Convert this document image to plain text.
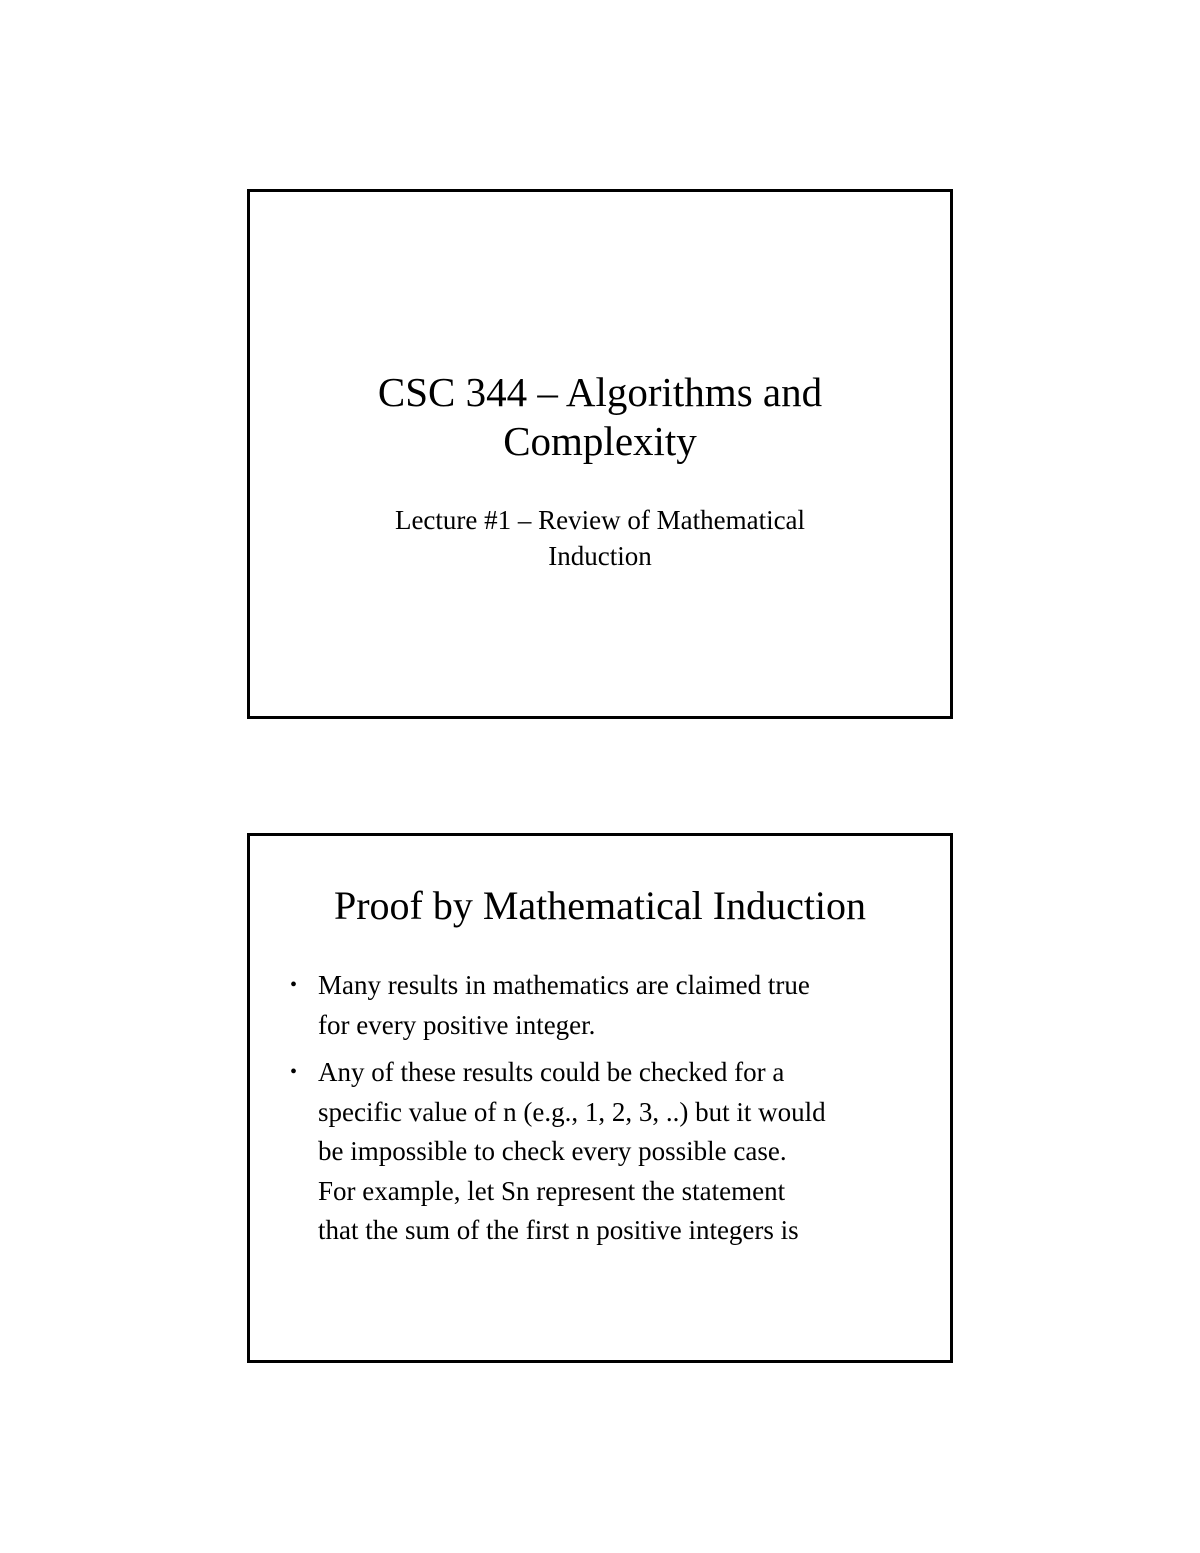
CSC 344 – Algorithms and
Complexity
Lecture #1 – Review of Mathematical
Induction
Proof by Mathematical Induction
• Many results in mathematics are claimed true
for every positive integer.
• Any of these results could be checked for a
specific value of n (e.g., 1, 2, 3, ..) but it would
be impossible to check every possible case.
For example, let Sn represent the statement
that the sum of the first n positive integers is
